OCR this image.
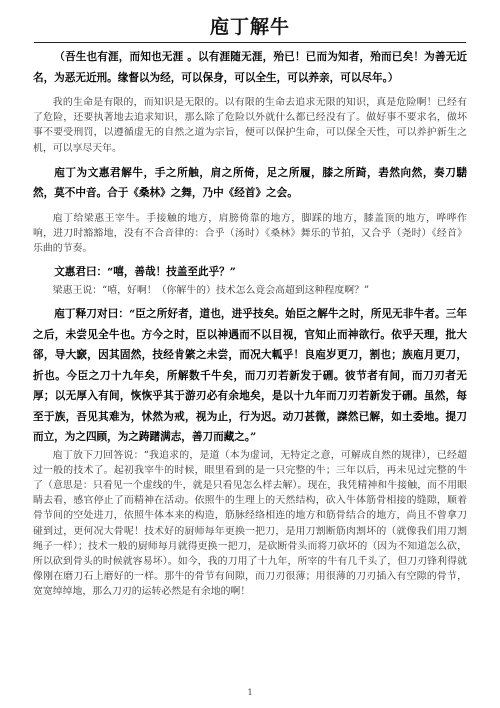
庖丁解牛

（吾生也有涯，而知也无涯 。以有涯随无涯，殆已！已而为知者，殆而已矣！为善无近名，为恶无近刑。缘督以为经，可以保身，可以全生，可以养亲，可以尽年。）

我的生命是有限的，而知识是无限的。以有限的生命去追求无限的知识，真是危险啊！已经有了危险，还要执著地去追求知识，那么除了危险以外就什么都已经没有了。做好事不要求名，做坏事不要受刑罚，以遵循虚无的自然之道为宗旨，便可以保护生命，可以保全天性，可以养护新生之机，可以享尽天年。

庖丁为文惠君解牛，手之所触，肩之所倚，足之所履，膝之所踦，砉然向然，奏刀騞然，莫不中音。合于《桑林》之舞，乃中《经首》之会。

庖丁给梁惠王宰牛。手接触的地方，肩膀倚靠的地方，脚踩的地方，膝盖顶的地方，哗哗作响，进刀时豁豁地，没有不合音律的：合乎（汤时）《桑林》舞乐的节拍，又合乎（尧时）《经首》乐曲的节奏。

文惠君曰：“嘻，善哉！技盖至此乎？”

梁惠王说：“嘻，好啊！（你解牛的）技术怎么竟会高超到这种程度啊？”

庖丁释刀对曰：“臣之所好者，道也，进乎技矣。始臣之解牛之时，所见无非牛者。三年之后，未尝见全牛也。方今之时，臣以神遇而不以目视，官知止而神欲行。依乎天理，批大郤，导大窾，因其固然，技经肯綮之未尝，而况大軱乎！良庖岁更刀，割也；族庖月更刀，折也。今臣之刀十九年矣，所解数千牛矣，而刀刃若新发于硎。彼节者有间，而刀刃者无厚；以无厚入有间，恢恢乎其于游刃必有余地矣，是以十九年而刀刃若新发于硎。虽然，每至于族，吾见其难为，怵然为戒，视为止，行为迟。动刀甚微，謋然已解，如土委地。提刀而立，为之四顾，为之踌躇满志，善刀而藏之。”

庖丁放下刀回答说：“我追求的，是道（本为虚词，无特定之意，可解成自然的规律），已经超过一般的技术了。起初我宰牛的时候，眼里看到的是一只完整的牛；三年以后，再未见过完整的牛了（意思是：只看见一个虚线的牛，就是只看见怎么样去解）。现在，我凭精神和牛接触，而不用眼睛去看，感官停止了而精神在活动。依照牛的生理上的天然结构，砍入牛体筋骨相接的缝隙，顺着骨节间的空处进刀，依照牛体本来的构造，筋脉经络相连的地方和筋骨结合的地方，尚且不曾拿刀碰到过，更何况大骨呢！技术好的厨师每年更换一把刀，是用刀割断筋肉割坏的（就像我们用刀割绳子一样）；技术一般的厨师每月就得更换一把刀，是砍断骨头而将刀砍坏的（因为不知道怎么砍，所以砍到骨头的时候就容易坏）。如今，我的刀用了十九年，所宰的牛有几千头了，但刀刃锋利得就像刚在磨刀石上磨好的一样。那牛的骨节有间隙，而刀刃很薄；用很薄的刀刃插入有空隙的骨节，宽宽绰绰地，那么刀刃的运转必然是有余地的啊！

1
